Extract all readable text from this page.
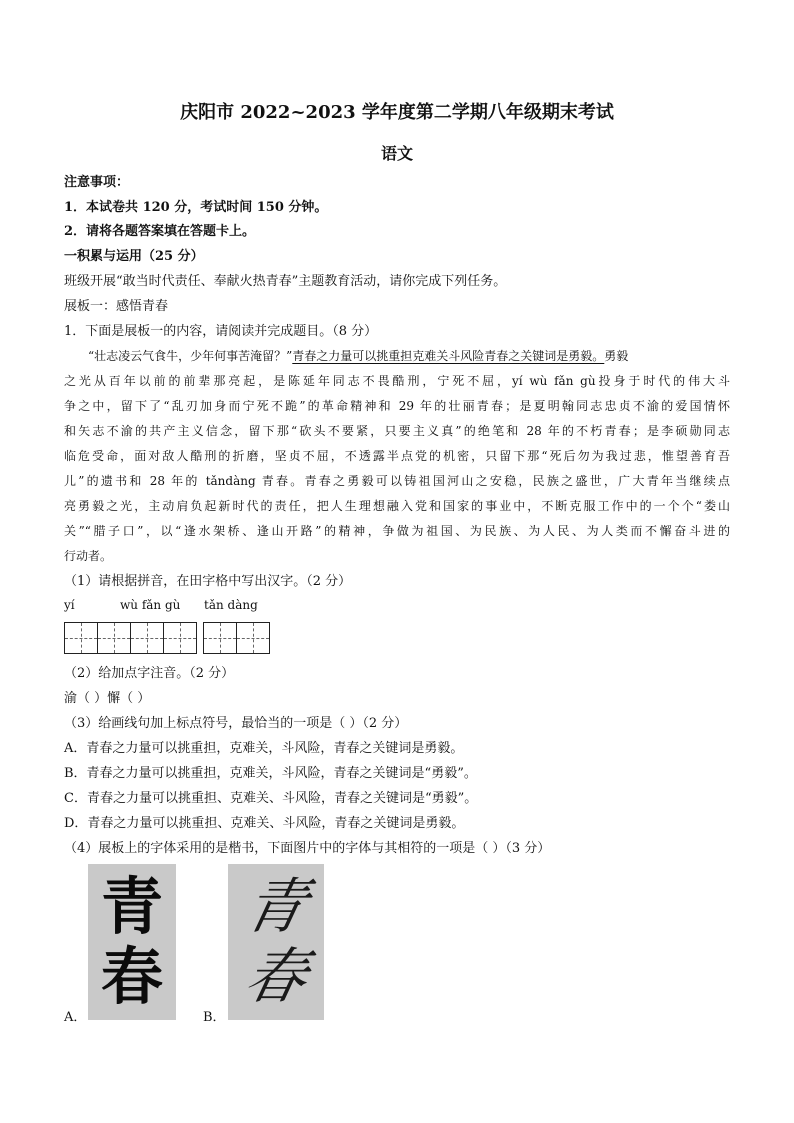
庆阳市 2022~2023 学年度第二学期八年级期末考试
语文
注意事项：
1．本试卷共 120 分，考试时间 150 分钟。
2．请将各题答案填在答题卡上。
一积累与运用（25 分）
班级开展“敢当时代责任、奉献火热青春”主题教育活动，请你完成下列任务。
展板一：感悟青春
1．下面是展板一的内容，请阅读并完成题目。（8 分）
“壮志凌云气食牛，少年何事苦淹留？”青春之力量可以挑重担克难关斗风险青春之关键词是勇毅。勇毅
之光从百年以前的前辈那亮起，是陈延年同志不畏酷刑，宁死不屈，yí wù fǎn gù投身于时代的伟大斗
争之中，留下了“乱刃加身而宁死不跪”的革命精神和 29 年的壮丽青春；是夏明翰同志忠贞不渝的爱国情怀
和矢志不渝的共产主义信念，留下那“砍头不要紧，只要主义真”的绝笔和 28 年的不朽青春；是李硕勋同志
临危受命，面对敌人酷刑的折磨，坚贞不屈，不透露半点党的机密，只留下那“死后勿为我过悲，惟望善育吾
儿”的遗书和 28 年的 tǎndàng 青春。青春之勇毅可以铸祖国河山之安稳，民族之盛世，广大青年当继续点
亮勇毅之光，主动肩负起新时代的责任，把人生理想融入党和国家的事业中，不断克服工作中的一个个“娄山
关”“腊子口”，以“逢水架桥、逢山开路”的精神，争做为祖国、为民族、为人民、为人类而不懈奋斗进的
行动者。
（1）请根据拼音，在田字格中写出汉字。（2 分）
yí	wù fǎn gù tǎn dàng
（2）给加点字注音。（2 分）
渝（ ）懈（ ）
（3）给画线句加上标点符号，最恰当的一项是（ ）（2 分）
A．青春之力量可以挑重担，克难关，斗风险，青春之关键词是勇毅。
B．青春之力量可以挑重担，克难关，斗风险，青春之关键词是“勇毅”。
C．青春之力量可以挑重担、克难关、斗风险，青春之关键词是“勇毅”。
D．青春之力量可以挑重担、克难关、斗风险，青春之关键词是勇毅。
（4）展板上的字体采用的是楷书，下面图片中的字体与其相符的一项是（ ）（3 分）
A．
青
春
B．
青
春
